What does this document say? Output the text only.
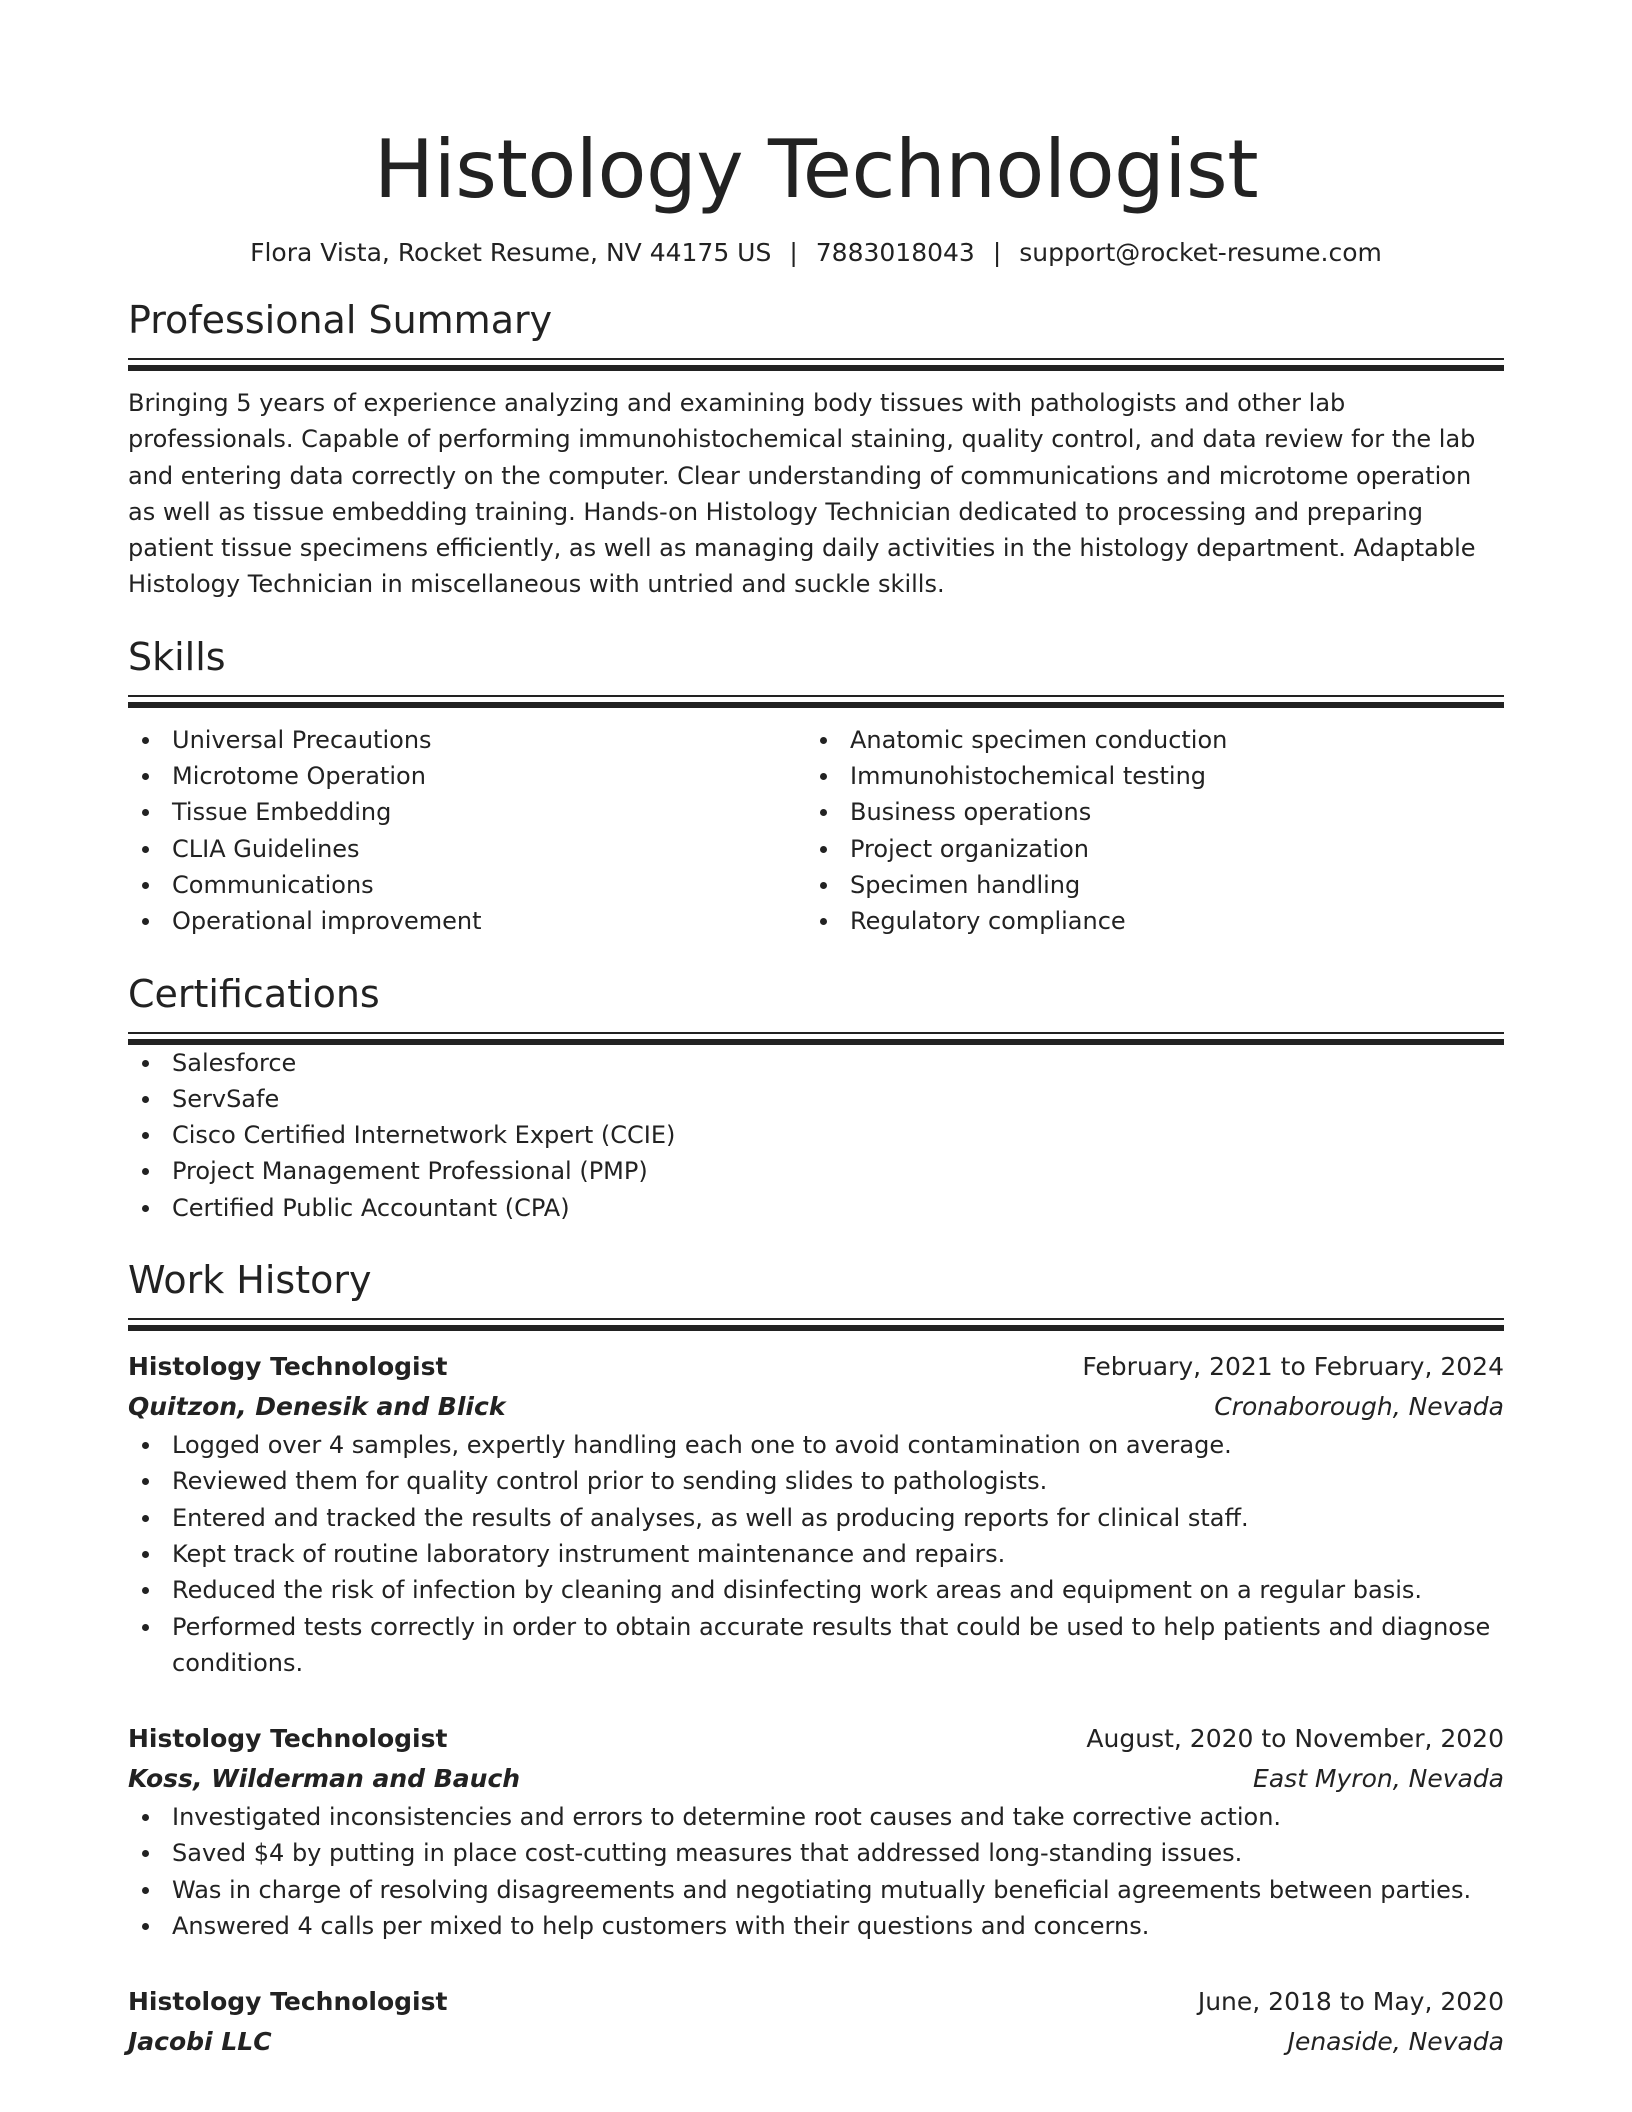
Histology Technologist
Flora Vista, Rocket Resume, NV 44175 US | 7883018043 | support@rocket-resume.com
Professional Summary
Bringing 5 years of experience analyzing and examining body tissues with pathologists and other lab professionals. Capable of performing immunohistochemical staining, quality control, and data review for the lab and entering data correctly on the computer. Clear understanding of communications and microtome operation as well as tissue embedding training. Hands-on Histology Technician dedicated to processing and preparing patient tissue specimens efficiently, as well as managing daily activities in the histology department. Adaptable Histology Technician in miscellaneous with untried and suckle skills.
Skills
Universal Precautions
Microtome Operation
Tissue Embedding
CLIA Guidelines
Communications
Operational improvement
Anatomic specimen conduction
Immunohistochemical testing
Business operations
Project organization
Specimen handling
Regulatory compliance
Certifications
Salesforce
ServSafe
Cisco Certified Internetwork Expert (CCIE)
Project Management Professional (PMP)
Certified Public Accountant (CPA)
Work History
Histology Technologist	February, 2021 to February, 2024
Quitzon, Denesik and Blick	Cronaborough, Nevada
Logged over 4 samples, expertly handling each one to avoid contamination on average.
Reviewed them for quality control prior to sending slides to pathologists.
Entered and tracked the results of analyses, as well as producing reports for clinical staff.
Kept track of routine laboratory instrument maintenance and repairs.
Reduced the risk of infection by cleaning and disinfecting work areas and equipment on a regular basis.
Performed tests correctly in order to obtain accurate results that could be used to help patients and diagnose conditions.
Histology Technologist	August, 2020 to November, 2020
Koss, Wilderman and Bauch	East Myron, Nevada
Investigated inconsistencies and errors to determine root causes and take corrective action.
Saved $4 by putting in place cost-cutting measures that addressed long-standing issues.
Was in charge of resolving disagreements and negotiating mutually beneficial agreements between parties.
Answered 4 calls per mixed to help customers with their questions and concerns.
Histology Technologist	June, 2018 to May, 2020
Jacobi LLC	Jenaside, Nevada
